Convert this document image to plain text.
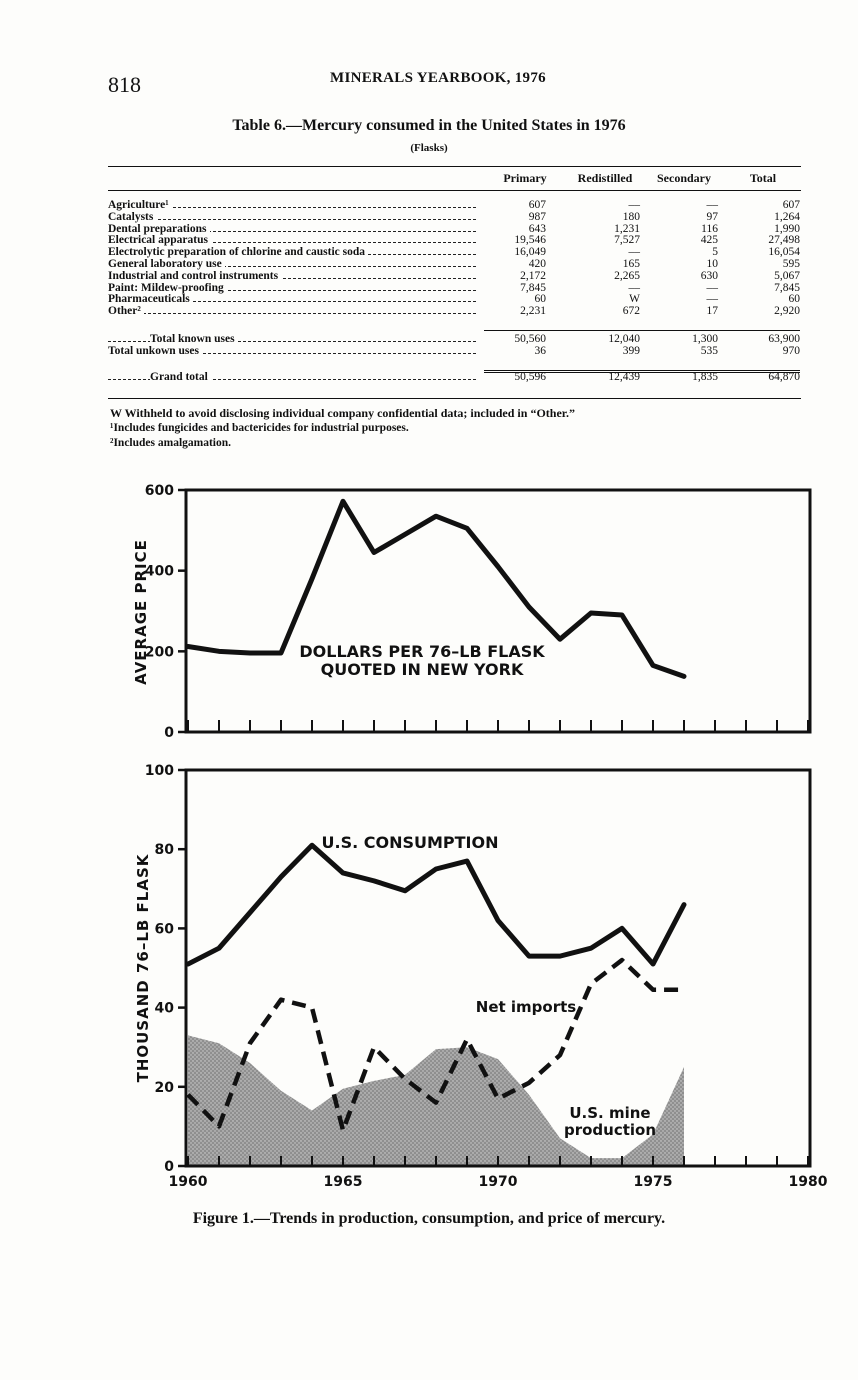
818	MINERALS YEARBOOK, 1976
Table 6.—Mercury consumed in the United States in 1976
(Flasks)
Primary	Redistilled	Secondary	Total
Agriculture¹	607	––	––	607
Catalysts	987	180	97	1,264
Dental preparations	643	1,231	116	1,990
Electrical apparatus	19,546	7,527	425	27,498
Electrolytic preparation of chlorine and caustic soda	16,049	––	5	16,054
General laboratory use	420	165	10	595
Industrial and control instruments	2,172	2,265	630	5,067
Paint: Mildew-proofing	7,845	––	––	7,845
Pharmaceuticals	60	W	––	60
Other²	2,231	672	17	2,920
Total known uses	50,560	12,040	1,300	63,900
Total unkown uses	36	399	535	970
Grand total	50,596	12,439	1,835	64,870
W Withheld to avoid disclosing individual company confidential data; included in “Other.”
¹Includes fungicides and bactericides for industrial purposes.
²Includes amalgamation.
0
200
400
600
AVERAGE PRICE	DOLLARS PER 76–LB FLASK
QUOTED IN NEW YORK
0
20
40
60
80
100
1960	1965	1970	1975	1980
THOUSAND 76–LB FLASK
U.S. CONSUMPTION
Net imports
U.S. mine production
Figure 1.—Trends in production, consumption, and price of mercury.
